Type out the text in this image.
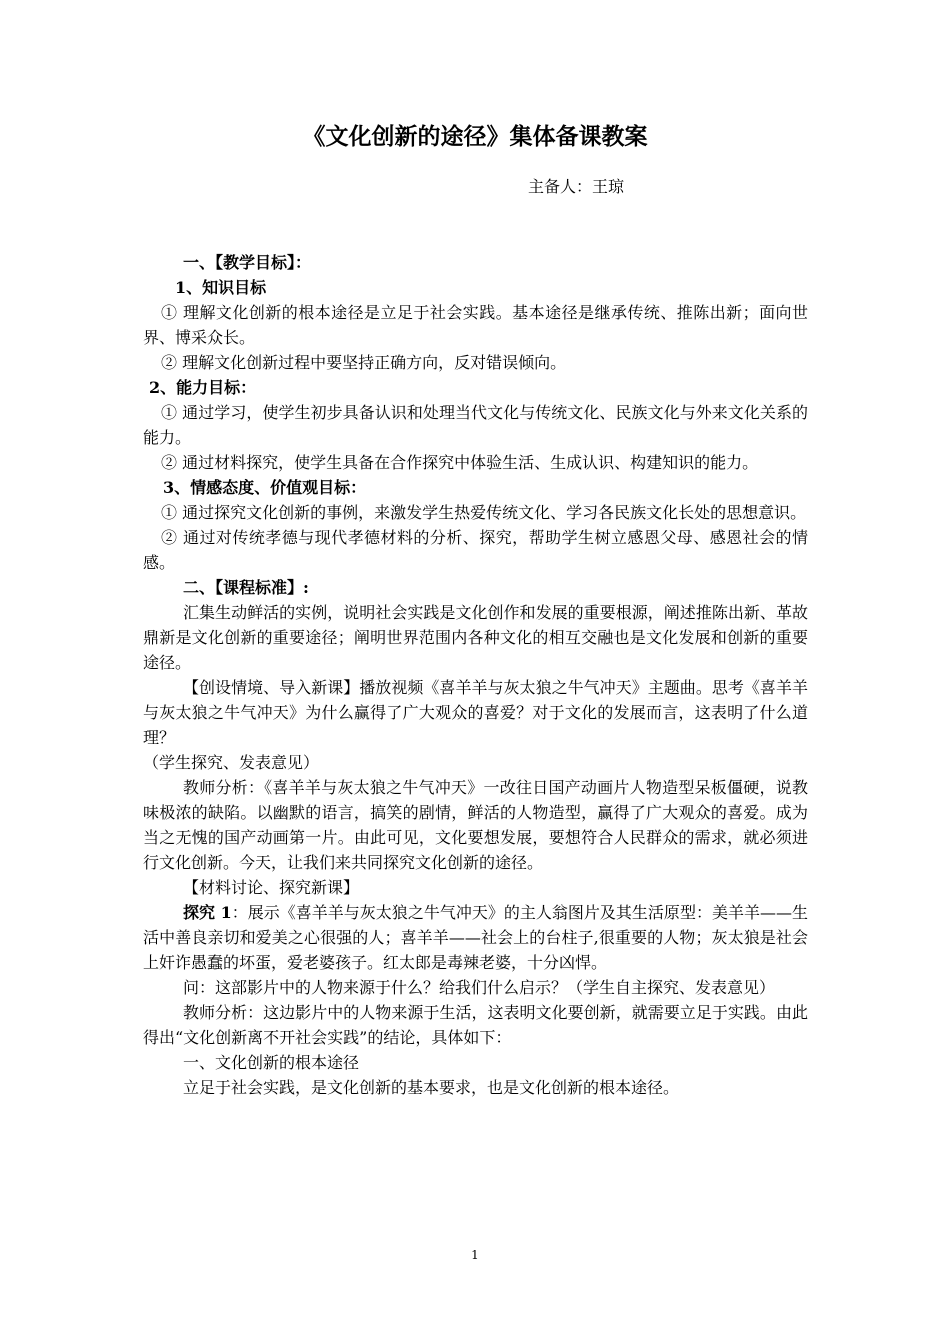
《文化创新的途径》集体备课教案
主备人：王琼

一、【教学目标】：

1、知识目标

① 理解文化创新的根本途径是立足于社会实践。基本途径是继承传统、推陈出新；面向世界、博采众长。

② 理解文化创新过程中要坚持正确方向，反对错误倾向。

2、能力目标：

① 通过学习，使学生初步具备认识和处理当代文化与传统文化、民族文化与外来文化关系的能力。

② 通过材料探究，使学生具备在合作探究中体验生活、生成认识、构建知识的能力。

3、情感态度、价值观目标：

① 通过探究文化创新的事例，来激发学生热爱传统文化、学习各民族文化长处的思想意识。

② 通过对传统孝德与现代孝德材料的分析、探究，帮助学生树立感恩父母、感恩社会的情感。

二、【课程标准】:

汇集生动鲜活的实例，说明社会实践是文化创作和发展的重要根源，阐述推陈出新、革故鼎新是文化创新的重要途径；阐明世界范围内各种文化的相互交融也是文化发展和创新的重要途径。

【创设情境、导入新课】播放视频《喜羊羊与灰太狼之牛气冲天》主题曲。思考《喜羊羊与灰太狼之牛气冲天》为什么赢得了广大观众的喜爱？对于文化的发展而言，这表明了什么道理？

（学生探究、发表意见）

教师分析：《喜羊羊与灰太狼之牛气冲天》一改往日国产动画片人物造型呆板僵硬，说教味极浓的缺陷。以幽默的语言，搞笑的剧情，鲜活的人物造型，赢得了广大观众的喜爱。成为当之无愧的国产动画第一片。由此可见，文化要想发展，要想符合人民群众的需求，就必须进行文化创新。今天，让我们来共同探究文化创新的途径。

【材料讨论、探究新课】

探究 1：展示《喜羊羊与灰太狼之牛气冲天》的主人翁图片及其生活原型：美羊羊——生活中善良亲切和爱美之心很强的人；喜羊羊——社会上的台柱子,很重要的人物；灰太狼是社会上奸诈愚蠢的坏蛋，爱老婆孩子。红太郎是毒辣老婆，十分凶悍。

问：这部影片中的人物来源于什么？给我们什么启示？（学生自主探究、发表意见）

教师分析：这边影片中的人物来源于生活，这表明文化要创新，就需要立足于实践。由此得出“文化创新离不开社会实践”的结论，具体如下：

一、文化创新的根本途径

立足于社会实践，是文化创新的基本要求，也是文化创新的根本途径。

1
